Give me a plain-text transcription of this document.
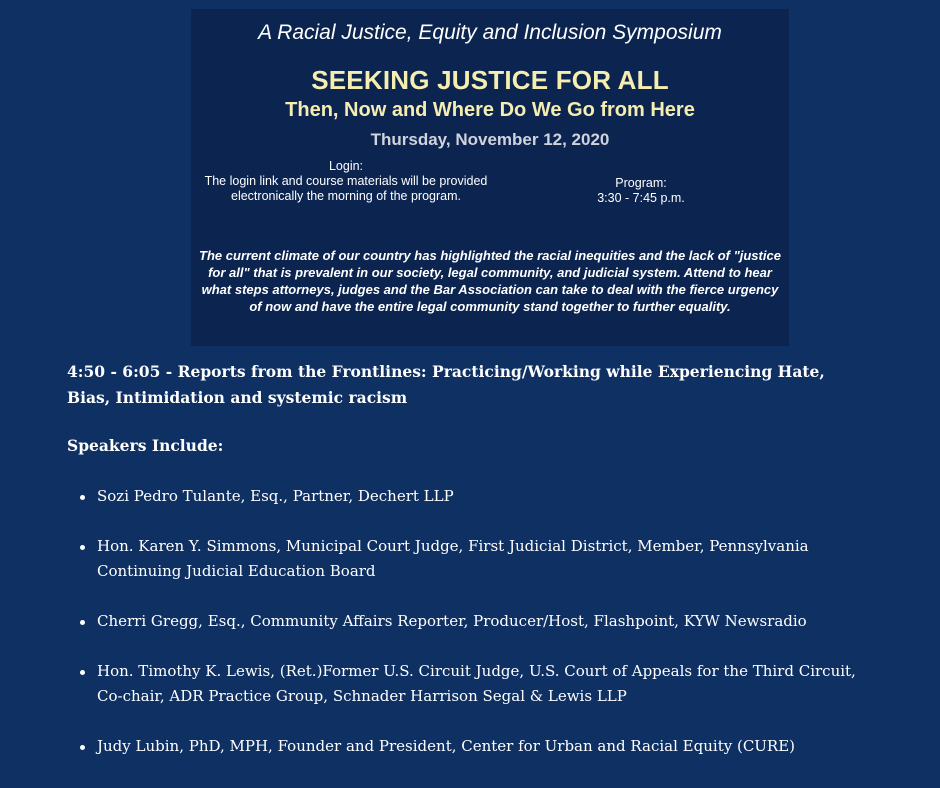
A Racial Justice, Equity and Inclusion Symposium
SEEKING JUSTICE FOR ALL
Then, Now and Where Do We Go from Here
Thursday, November 12, 2020
Login:
The login link and course materials will be provided electronically the morning of the program.
Program:
3:30 - 7:45 p.m.
The current climate of our country has highlighted the racial inequities and the lack of "justice for all" that is prevalent in our society, legal community, and judicial system. Attend to hear what steps attorneys, judges and the Bar Association can take to deal with the fierce urgency of now and have the entire legal community stand together to further equality.
4:50 - 6:05 - Reports from the Frontlines: Practicing/Working while Experiencing Hate, Bias, Intimidation and systemic racism
Speakers Include:
Sozi Pedro Tulante, Esq., Partner, Dechert LLP
Hon. Karen Y. Simmons, Municipal Court Judge, First Judicial District, Member, Pennsylvania Continuing Judicial Education Board
Cherri Gregg, Esq., Community Affairs Reporter, Producer/Host, Flashpoint, KYW Newsradio
Hon. Timothy K. Lewis, (Ret.)Former U.S. Circuit Judge, U.S. Court of Appeals for the Third Circuit, Co-chair, ADR Practice Group, Schnader Harrison Segal & Lewis LLP
Judy Lubin, PhD, MPH, Founder and President, Center for Urban and Racial Equity (CURE)
